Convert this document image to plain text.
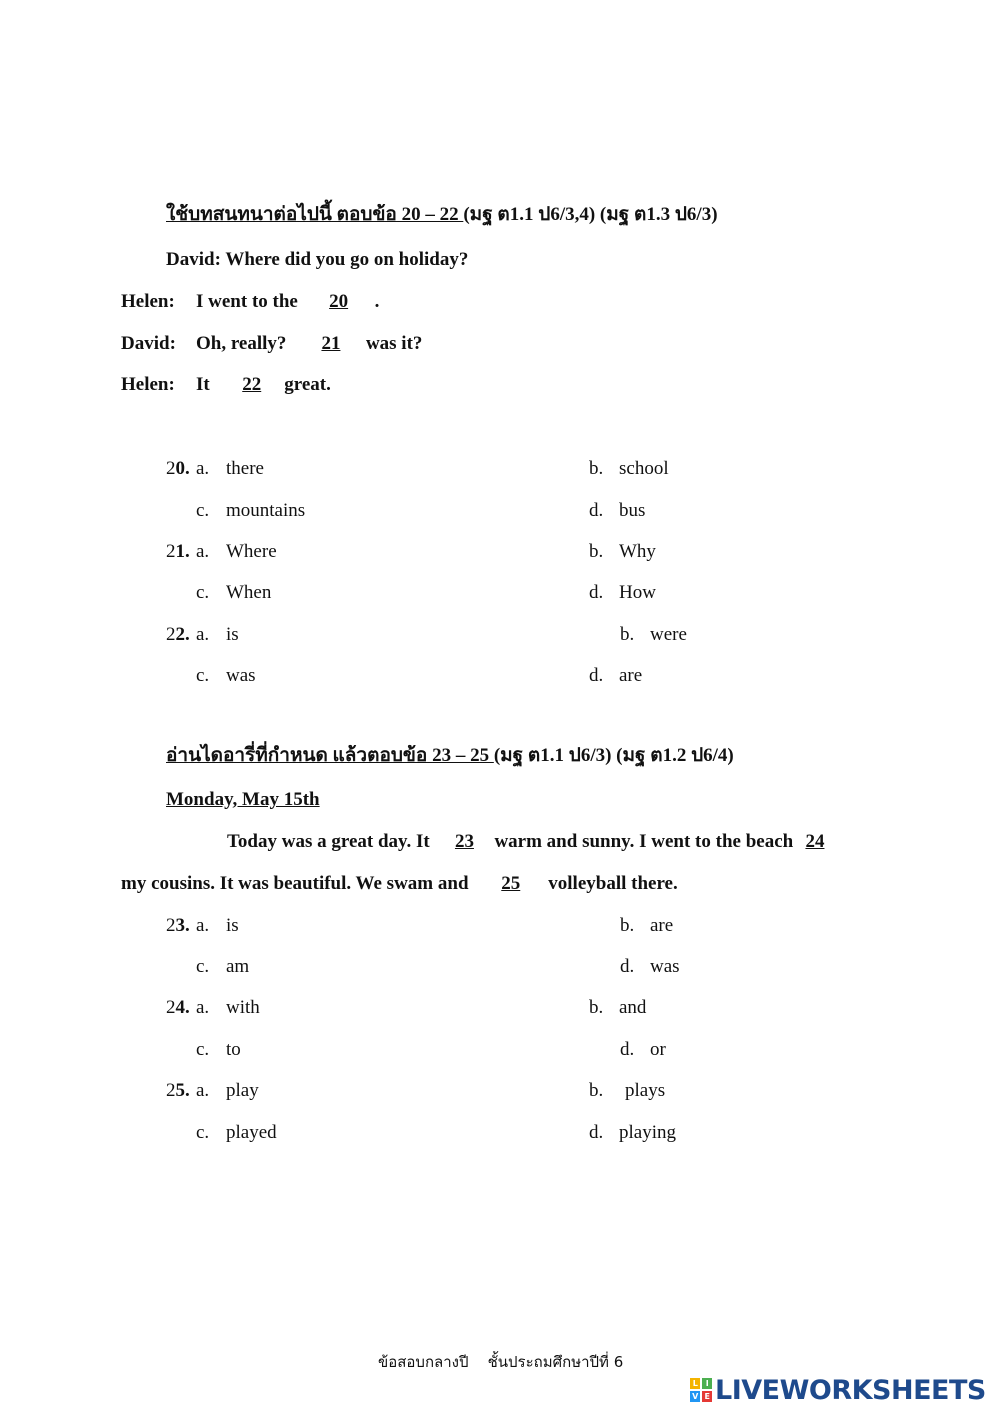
ใช้บทสนทนาต่อไปนี้ ตอบข้อ 20 – 22 (มฐ ต1.1 ป6/3,4) (มฐ ต1.3 ป6/3)
David: Where did you go on holiday?
Helen: I went to the 20 .
David: Oh, really?  21 was it?
Helen: It  22 great.
20. a. there	b. school
c. mountains	d. bus
21. a. Where	b. Why
c. When	d. How
22. a. is	b. were
c. was	d. are
อ่านไดอารี่ที่กำหนด แล้วตอบข้อ 23 – 25 (มฐ ต1.1 ป6/3) (มฐ ต1.2 ป6/4)
Monday, May 15th
Today was a great day. It 23 warm and sunny. I went to the beach 24
my cousins. It was beautiful. We swam and 25 volleyball there.
23. a. is	b. are
c. am	d. was
24. a. with	b. and
c. to	d. or
25. a. play	b. plays
c. played	d. playing
ข้อสอบกลางปี    ชั้นประถมศึกษาปีที่ 6
L	I
V E LIVEWORKSHEETS
